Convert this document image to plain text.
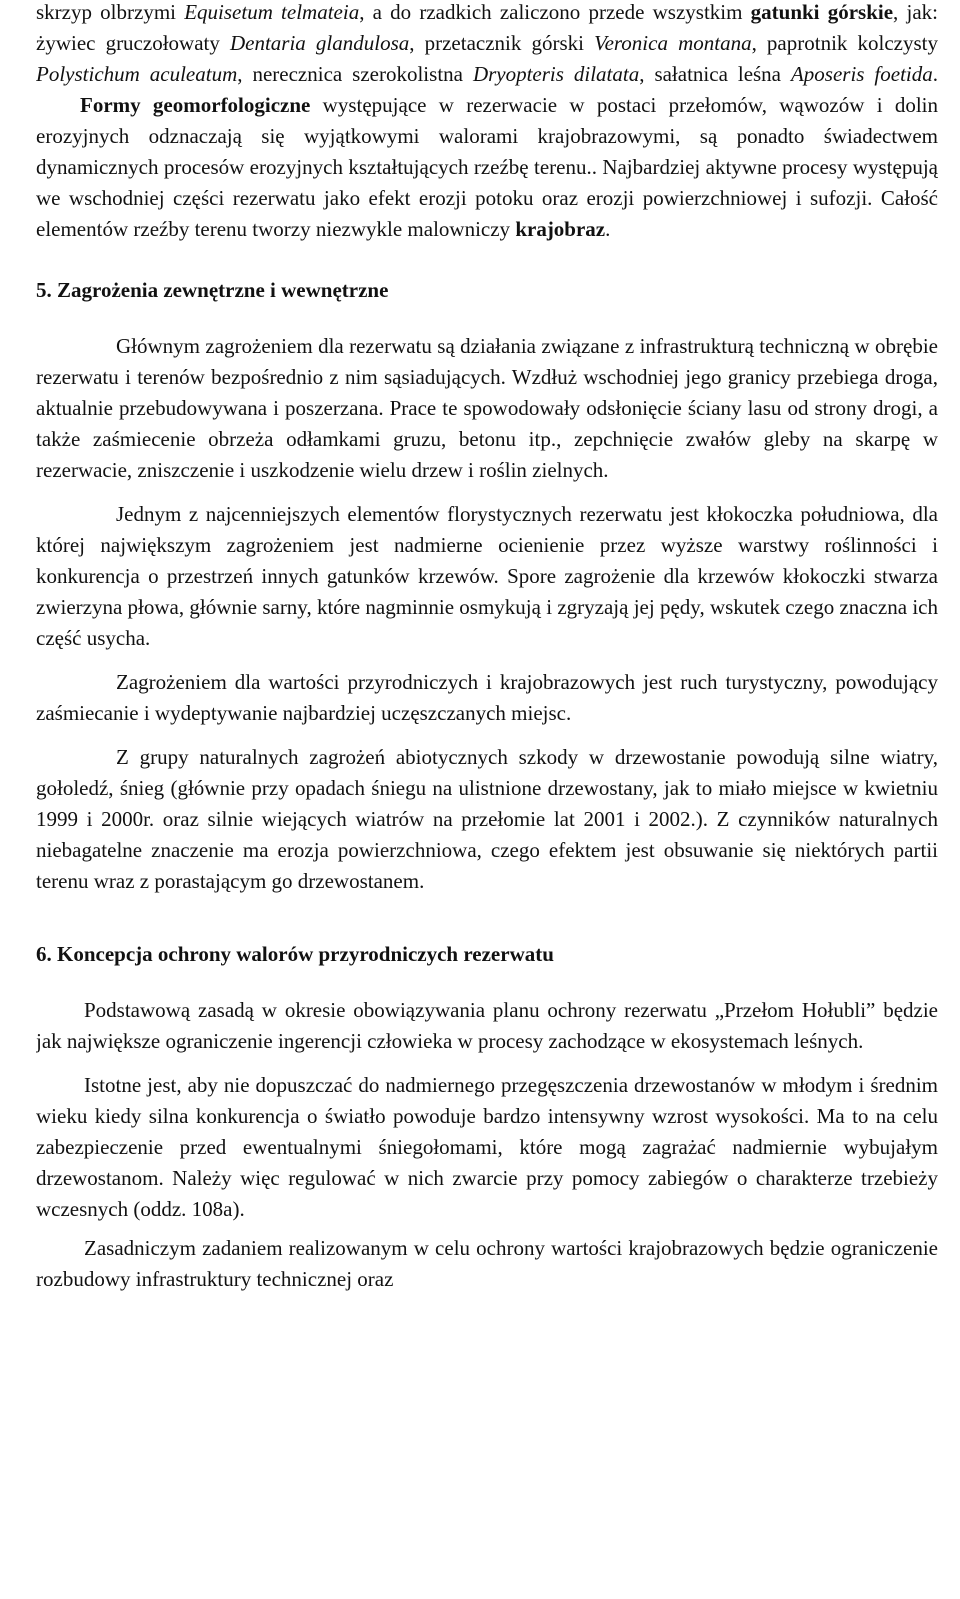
skrzyp olbrzymi Equisetum telmateia, a do rzadkich zaliczono przede wszystkim gatunki górskie, jak: żywiec gruczołowaty Dentaria glandulosa, przetacznik górski Veronica montana, paprotnik kolczysty Polystichum aculeatum, nerecznica szerokolistna Dryopteris dilatata, sałatnica leśna Aposeris foetida. Formy geomorfologiczne występujące w rezerwacie w postaci przełomów, wąwozów i dolin erozyjnych odznaczają się wyjątkowymi walorami krajobrazowymi, są ponadto świadectwem dynamicznych procesów erozyjnych kształtujących rzeźbę terenu.. Najbardziej aktywne procesy występują we wschodniej części rezerwatu jako efekt erozji potoku oraz erozji powierzchniowej i sufozji. Całość elementów rzeźby terenu tworzy niezwykle malowniczy krajobraz.

5. Zagrożenia zewnętrzne i wewnętrzne

Głównym zagrożeniem dla rezerwatu są działania związane z infrastrukturą techniczną w obrębie rezerwatu i terenów bezpośrednio z nim sąsiadujących. Wzdłuż wschodniej jego granicy przebiega droga, aktualnie przebudowywana i poszerzana. Prace te spowodowały odsłonięcie ściany lasu od strony drogi, a także zaśmiecenie obrzeża odłamkami gruzu, betonu itp., zepchnięcie zwałów gleby na skarpę w rezerwacie, zniszczenie i uszkodzenie wielu drzew i roślin zielnych.

Jednym z najcenniejszych elementów florystycznych rezerwatu jest kłokoczka południowa, dla której największym zagrożeniem jest nadmierne ocienienie przez wyższe warstwy roślinności i konkurencja o przestrzeń innych gatunków krzewów. Spore zagrożenie dla krzewów kłokoczki stwarza zwierzyna płowa, głównie sarny, które nagminnie osmykują i zgryzają jej pędy, wskutek czego znaczna ich część usycha.

Zagrożeniem dla wartości przyrodniczych i krajobrazowych jest ruch turystyczny, powodujący zaśmiecanie i wydeptywanie najbardziej uczęszczanych miejsc.

Z grupy naturalnych zagrożeń abiotycznych szkody w drzewostanie powodują silne wiatry, gołoledź, śnieg (głównie przy opadach śniegu na ulistnione drzewostany, jak to miało miejsce w kwietniu 1999 i 2000r. oraz silnie wiejących wiatrów na przełomie lat 2001 i 2002.). Z czynników naturalnych niebagatelne znaczenie ma erozja powierzchniowa, czego efektem jest obsuwanie się niektórych partii terenu wraz z porastającym go drzewostanem.

6. Koncepcja ochrony walorów przyrodniczych rezerwatu

Podstawową zasadą w okresie obowiązywania planu ochrony rezerwatu „Przełom Hołubli” będzie jak największe ograniczenie ingerencji człowieka w procesy zachodzące w ekosystemach leśnych.

Istotne jest, aby nie dopuszczać do nadmiernego przegęszczenia drzewostanów w młodym i średnim wieku kiedy silna konkurencja o światło powoduje bardzo intensywny wzrost wysokości. Ma to na celu zabezpieczenie przed ewentualnymi śniegołomami, które mogą zagrażać nadmiernie wybujałym drzewostanom. Należy więc regulować w nich zwarcie przy pomocy zabiegów o charakterze trzebieży wczesnych (oddz. 108a).

Zasadniczym zadaniem realizowanym w celu ochrony wartości krajobrazowych będzie ograniczenie rozbudowy infrastruktury technicznej oraz
